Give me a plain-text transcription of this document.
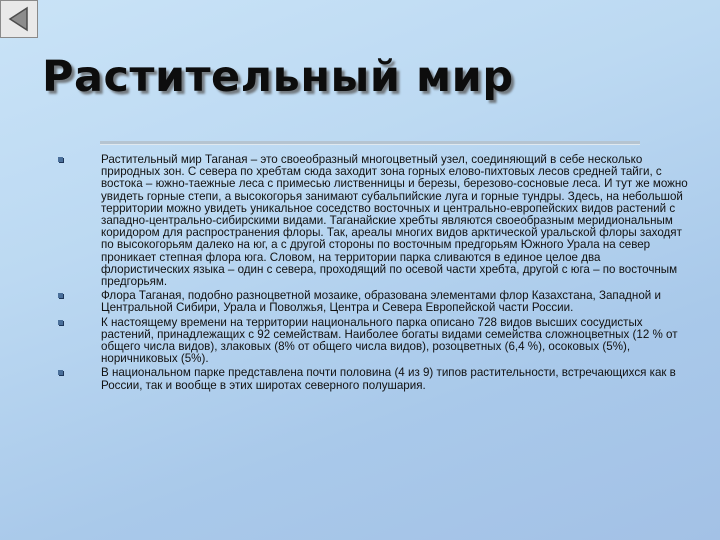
Растительный мир
Растительный мир Таганая – это своеобразный многоцветный узел, соединяющий в себе несколько природных зон. С севера по хребтам сюда заходит зона горных елово-пихтовых лесов средней тайги, с востока – южно-таежные леса с примесью лиственницы и березы, березово-сосновые леса. И тут же можно увидеть горные степи, а высокогорья занимают субальпийские луга и горные тундры. Здесь, на небольшой территории можно увидеть уникальное соседство восточных и центрально-европейских видов растений с западно-центрально-сибирскими видами. Таганайские хребты являются своеобразным меридиональным коридором для распространения флоры. Так, ареалы многих видов арктической уральской флоры заходят по высокогорьям далеко на юг, а с другой стороны по восточным предгорьям Южного Урала на север проникает степная флора юга. Словом, на территории парка сливаются в единое целое два флористических языка – один с севера, проходящий по осевой части хребта, другой с юга – по восточным предгорьям.
Флора Таганая, подобно разноцветной мозаике, образована элементами флор Казахстана, Западной и Центральной Сибири, Урала и Поволжья, Центра и Севера Европейской части России.
К настоящему времени на территории национального парка описано 728 видов высших сосудистых растений, принадлежащих с 92 семействам. Наиболее богаты видами семейства сложноцветных (12 % от общего числа видов), злаковых (8% от общего числа видов), розоцветных (6,4 %), осоковых (5%), норичниковых (5%).
В национальном парке представлена почти половина (4 из 9) типов растительности, встречающихся как в России, так и вообще в этих широтах северного полушария.
